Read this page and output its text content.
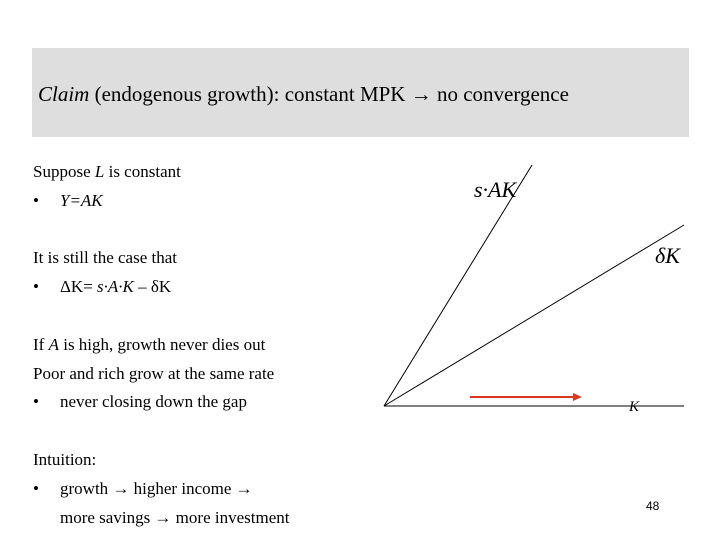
Claim (endogenous growth): constant MPK → no convergence
Suppose L is constant
• Y=AK
It is still the case that
• ΔK= s·A·K – δK
If A is high, growth never dies out
Poor and rich grow at the same rate
• never closing down the gap
Intuition:
• growth → higher income →
more savings → more investment
s·AK
δK
K
48
